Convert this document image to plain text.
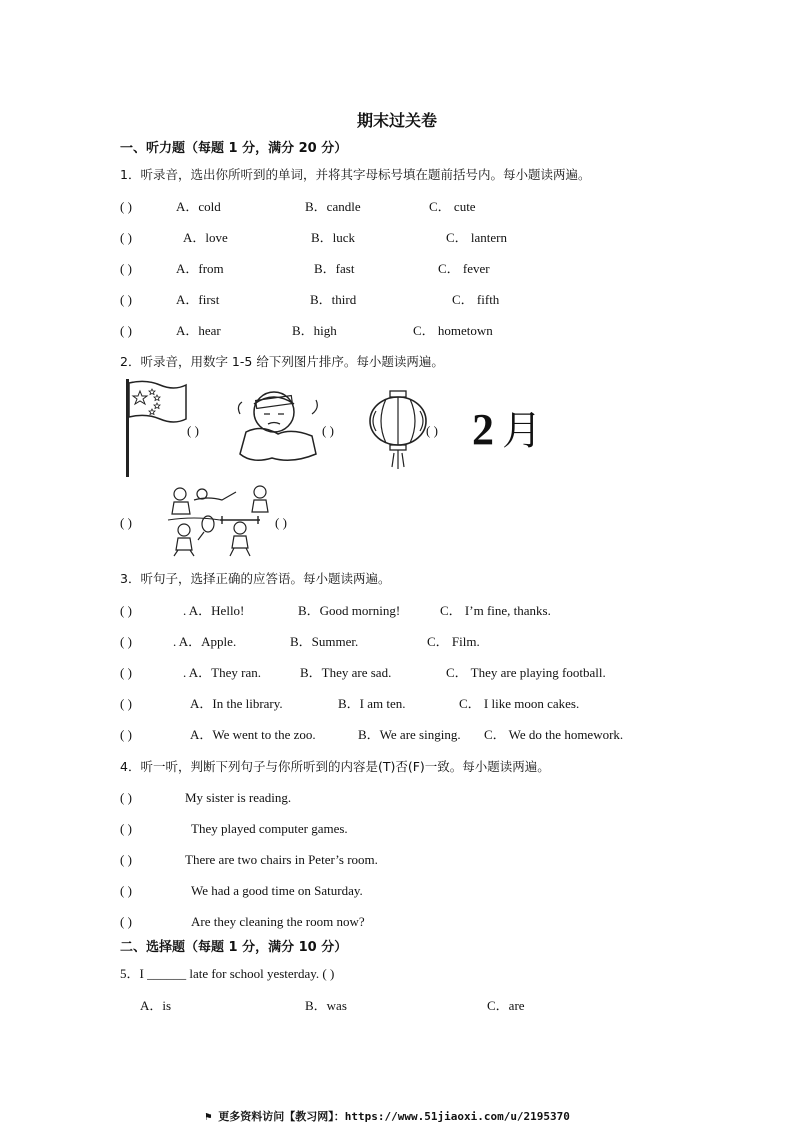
期末过关卷
一、听力题（每题 1 分，满分 20 分）
1．听录音，选出你所听到的单词，并将其字母标号填在题前括号内。每小题读两遍。
( )	A．cold	B．candle	C． cute
( )	A．love	B．luck	C． lantern
( )	A．from	B．fast	C． fever
( )	A．first	B．third	C． fifth
( )	A．hear	B．high	C． hometown
2．听录音，用数字 1-5 给下列图片排序。每小题读两遍。
( )	( )	( ) 2 月
( )	( )
3．听句子，选择正确的应答语。每小题读两遍。
( )	. A．Hello!	B．Good morning!	C． I’m fine, thanks.
( )	. A．Apple.	B．Summer.	C． Film.
( )	. A．They ran.	B．They are sad.	C． They are playing football.
( )	A．In the library.	B．I am ten.	C． I like moon cakes.
( )	A．We went to the zoo.	B．We are singing. C． We do the homework.
4．听一听，判断下列句子与你所听到的内容是(T)否(F)一致。每小题读两遍。
( )	My sister is reading.
( )	They played computer games.
( )	There are two chairs in Peter’s room.
( )	We had a good time on Saturday.
( )	Are they cleaning the room now?
二、选择题（每题 1 分，满分 10 分）
5．I ______ late for school yesterday. ( )
A．is	B．was	C．are
⚑ 更多资料访问【教习网】：https://www.51jiaoxi.com/u/2195370
